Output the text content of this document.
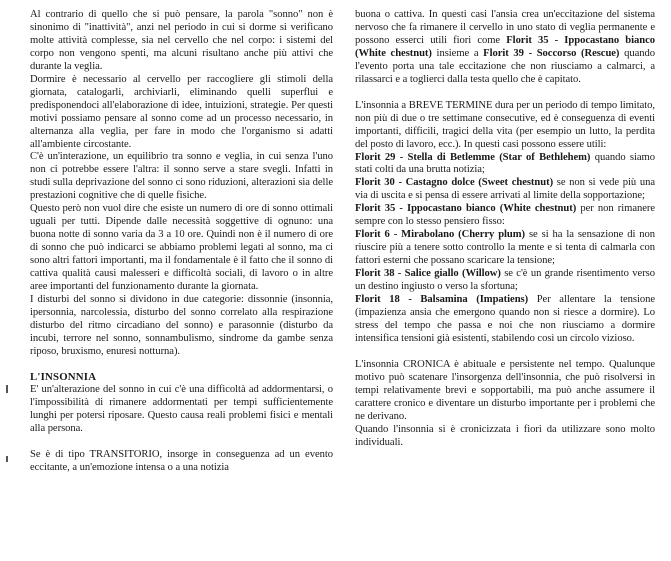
Al contrario di quello che si può pensare, la parola "sonno" non è sinonimo di "inattività", anzi nel periodo in cui si dorme si verificano molte attività complesse, sia nel cervello che nel corpo: i sistemi del corpo non vengono spenti, ma alcuni risultano anche più attivi che durante la veglia.

Dormire è necessario al cervello per raccogliere gli stimoli della giornata, catalogarli, archiviarli, eliminando quelli superflui e predisponendoci all'elaborazione di idee, intuizioni, strategie. Per questi motivi possiamo pensare al sonno come ad un processo necessario, in alternanza alla veglia, per fare in modo che l'organismo si adatti all'ambiente circostante.

C'è un'interazione, un equilibrio tra sonno e veglia, in cui senza l'uno non ci potrebbe essere l'altra: il sonno serve a stare svegli. Infatti in studi sulla deprivazione del sonno ci sono riduzioni, alterazioni sia delle prestazioni cognitive che di quelle fisiche.

Questo però non vuol dire che esiste un numero di ore di sonno ottimali uguali per tutti. Dipende dalle necessità soggettive di ognuno: una buona notte di sonno varia da 3 a 10 ore. Quindi non è il numero di ore di sonno che può indicarci se abbiamo problemi legati al sonno, ma ci sono altri fattori importanti, ma il fondamentale è il fatto che il sonno di cattiva qualità causi malesseri e difficoltà sociali, di lavoro o in altre aree importanti del funzionamento durante la giornata.

I disturbi del sonno si dividono in due categorie: dissonnie (insonnia, ipersonnia, narcolessia, disturbo del sonno correlato alla respirazione disturbo del ritmo circadiano del sonno) e parasonnie (disturbo da incubi, terrore nel sonno, sonnambulismo, sindrome da gambe senza riposo, bruxismo, enuresi notturna).

L'INSONNIA

E' un'alterazione del sonno in cui c'è una difficoltà ad addormentarsi, o l'impossibilità di rimanere addormentati per tempi sufficientemente lunghi per potersi riposare. Questo causa reali problemi fisici e mentali alla persona.

Se è di tipo TRANSITORIO, insorge in conseguenza ad un evento eccitante, a un'emozione intensa o a una notizia

buona o cattiva. In questi casi l'ansia crea un'eccitazione del sistema nervoso che fa rimanere il cervello in uno stato di veglia permanente e possono esserci utili fiori come Florit 35 - Ippocastano bianco (White chestnut) insieme a Florit 39 - Soccorso (Rescue) quando l'evento porta una tale eccitazione che non riusciamo a calmarci, a rilassarci e a toglierci dalla testa quello che è capitato.

L'insonnia a BREVE TERMINE dura per un periodo di tempo limitato, non più di due o tre settimane consecutive, ed è conseguenza di eventi importanti, difficili, tragici della vita (per esempio un lutto, la perdita del posto di lavoro, ecc.). In questi casi possono essere utili:

Florit 29 - Stella di Betlemme (Star of Bethlehem) quando siamo stati colti da una brutta notizia;

Florit 30 - Castagno dolce (Sweet chestnut) se non si vede più una via di uscita e si pensa di essere arrivati al limite della sopportazione;

Florit 35 - Ippocastano bianco (White chestnut) per non rimanere sempre con lo stesso pensiero fisso:

Florit 6 - Mirabolano (Cherry plum) se si ha la sensazione di non riuscire più a tenere sotto controllo la mente e si tenta di calmarla con fattori esterni che possano scaricare la tensione;

Florit 38 - Salice giallo (Willow) se c'è un grande risentimento verso un destino ingiusto o verso la sfortuna;

Florit 18 - Balsamina (Impatiens) Per allentare la tensione (impazienza ansia che emergono quando non si riesce a dormire). Lo stress del tempo che passa e noi che non riusciamo a dormire intensifica tensioni già esistenti, stabilendo così un circolo vizioso.

L'insonnia CRONICA è abituale e persistente nel tempo. Qualunque motivo può scatenare l'insorgenza dell'insonnia, che può risolversi in tempi relativamente brevi e sopportabili, ma può anche assumere il carattere cronico e diventare un disturbo importante per i problemi che ne derivano.

Quando l'insonnia si è cronicizzata i fiori da utilizzare sono molto individuali.
